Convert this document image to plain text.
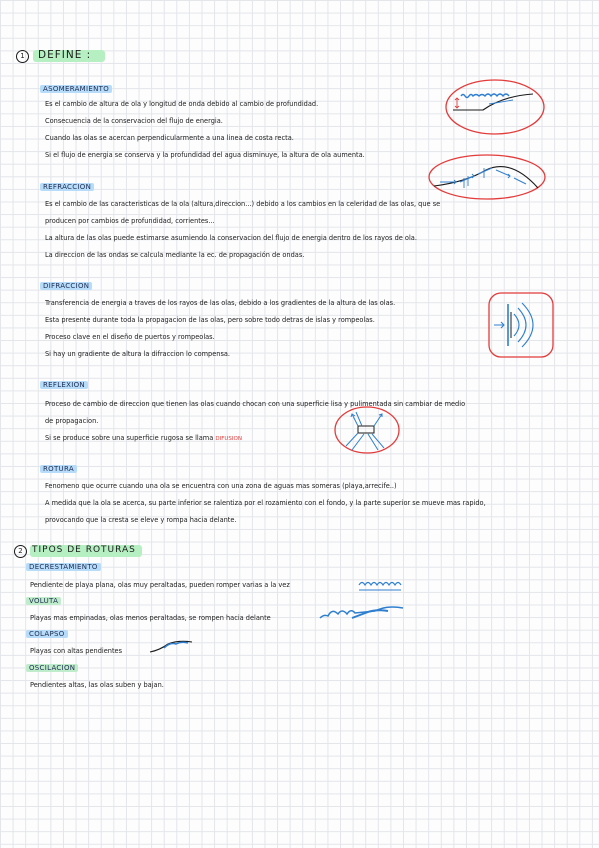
1	DEFINE :
ASOMERAMIENTO
Es el cambio de altura de ola y longitud de onda debido al cambio de profundidad.
Consecuencia de la conservacion del flujo de energia.
Cuando las olas se acercan perpendicularmente a una linea de costa recta.
Si el flujo de energia se conserva y la profundidad del agua disminuye, la altura de ola aumenta.
REFRACCION
Es el cambio de las caracteristicas de la ola (altura,direccion...) debido a los cambios en la celeridad de las olas, que se
producen por cambios de profundidad, corrientes...
La altura de las olas puede estimarse asumiendo la conservacion del flujo de energia dentro de los rayos de ola.
La direccion de las ondas se calcula mediante la ec. de propagación de ondas.
DIFRACCION
Transferencia de energia a traves de los rayos de las olas, debido a los gradientes de la altura de las olas.
Esta presente durante toda la propagacion de las olas, pero sobre todo detras de islas y rompeolas.
Proceso clave en el diseño de puertos y rompeolas.
Si hay un gradiente de altura la difraccion lo compensa.
REFLEXION
Proceso de cambio de direccion que tienen las olas cuando chocan con una superficie lisa y pulimentada sin cambiar de medio
de propagacion.
Si se produce sobre una superficie rugosa se llama DIFUSION
ROTURA
Fenomeno que ocurre cuando una ola se encuentra con una zona de aguas mas someras (playa,arrecife..)
A medida que la ola se acerca, su parte inferior se ralentiza por el rozamiento con el fondo, y la parte superior se mueve mas rapido,
provocando que la cresta se eleve y rompa hacia delante.
2	TIPOS DE ROTURAS
DECRESTAMIENTO
Pendiente de playa plana, olas muy peraltadas, pueden romper varias a la vez
VOLUTA
Playas mas empinadas, olas menos peraltadas, se rompen hacia delante
COLAPSO
Playas con altas pendientes
OSCILACION
Pendientes altas, las olas suben y bajan.
